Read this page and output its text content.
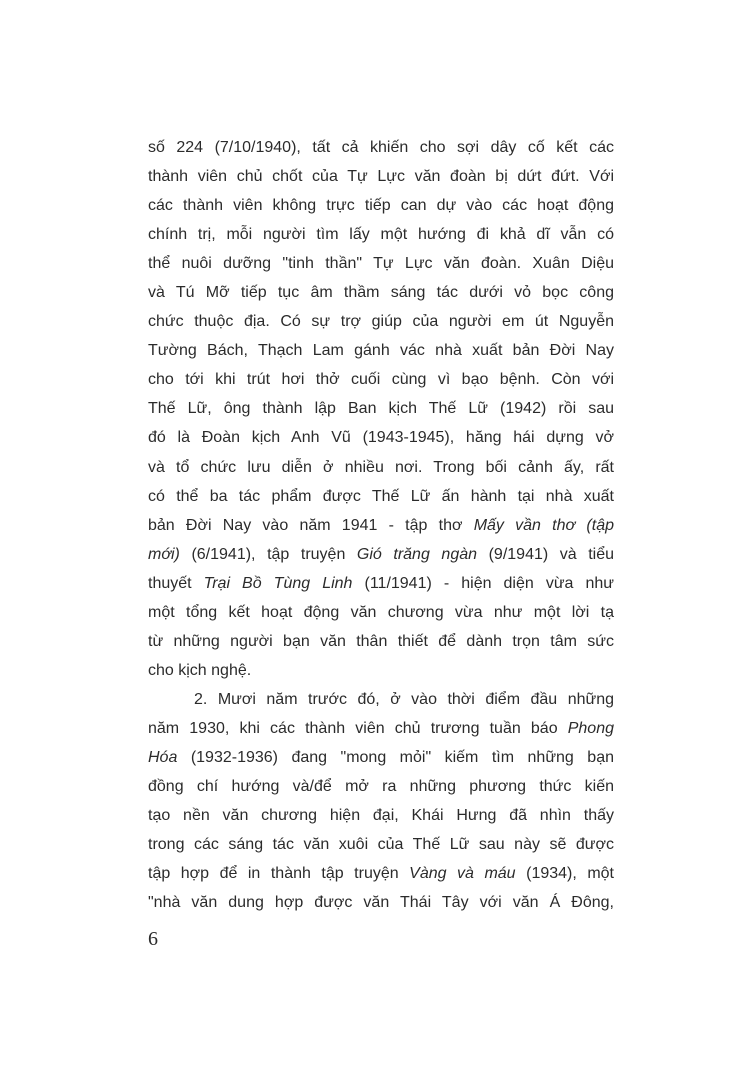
số 224 (7/10/1940), tất cả khiến cho sợi dây cố kết các
thành viên chủ chốt của Tự Lực văn đoàn bị dứt đứt. Với
các thành viên không trực tiếp can dự vào các hoạt động
chính trị, mỗi người tìm lấy một hướng đi khả dĩ vẫn có
thể nuôi dưỡng "tinh thần" Tự Lực văn đoàn. Xuân Diệu
và Tú Mỡ tiếp tục âm thầm sáng tác dưới vỏ bọc công
chức thuộc địa. Có sự trợ giúp của người em út Nguyễn
Tường Bách, Thạch Lam gánh vác nhà xuất bản Đời Nay
cho tới khi trút hơi thở cuối cùng vì bạo bệnh. Còn với
Thế Lữ, ông thành lập Ban kịch Thế Lữ (1942) rồi sau
đó là Đoàn kịch Anh Vũ (1943-1945), hăng hái dựng vở
và tổ chức lưu diễn ở nhiều nơi. Trong bối cảnh ấy, rất
có thể ba tác phẩm được Thế Lữ ấn hành tại nhà xuất
bản Đời Nay vào năm 1941 - tập thơ Mấy vần thơ (tập
mới) (6/1941), tập truyện Gió trăng ngàn (9/1941) và tiểu
thuyết Trại Bồ Tùng Linh (11/1941) - hiện diện vừa như
một tổng kết hoạt động văn chương vừa như một lời tạ
từ những người bạn văn thân thiết để dành trọn tâm sức
cho kịch nghệ.
2. Mươi năm trước đó, ở vào thời điểm đầu những
năm 1930, khi các thành viên chủ trương tuần báo Phong
Hóa (1932-1936) đang "mong mỏi" kiếm tìm những bạn
đồng chí hướng và/để mở ra những phương thức kiến
tạo nền văn chương hiện đại, Khái Hưng đã nhìn thấy
trong các sáng tác văn xuôi của Thế Lữ sau này sẽ được
tập hợp để in thành tập truyện Vàng và máu (1934), một
"nhà văn dung hợp được văn Thái Tây với văn Á Đông,
6
